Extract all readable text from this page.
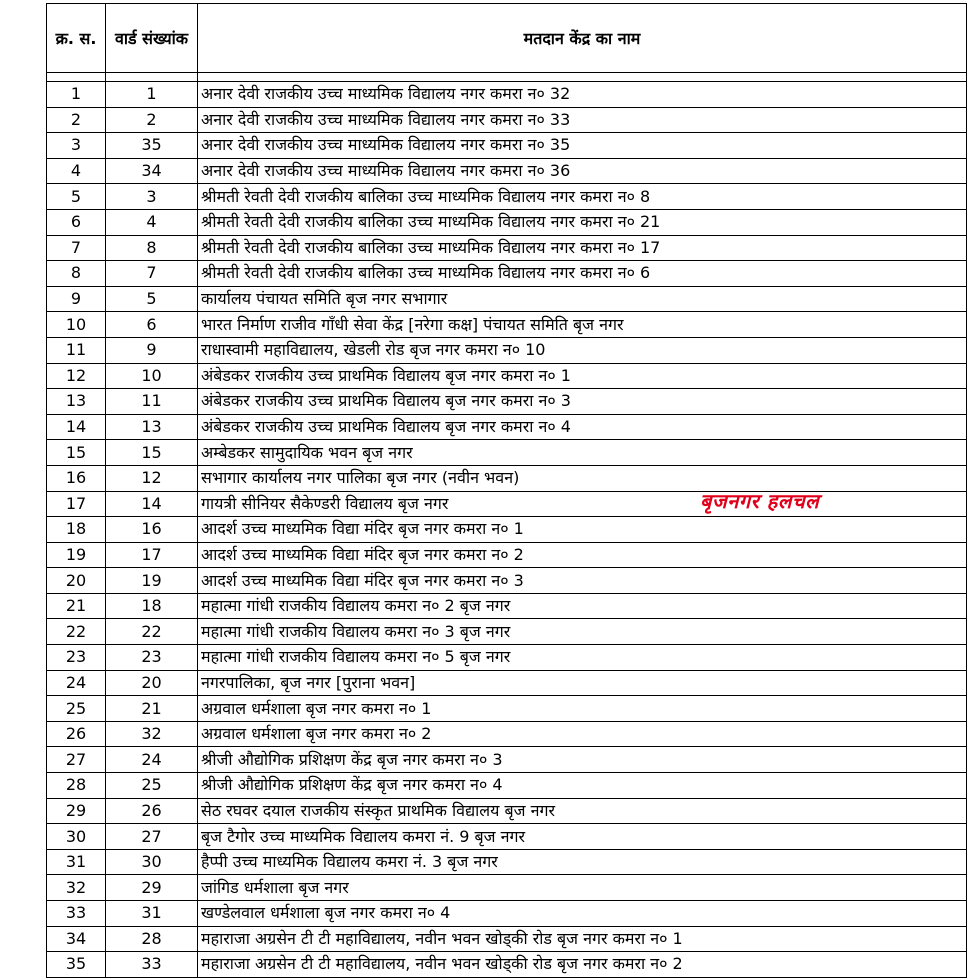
क्र. स.	वार्ड संख्यांक	मतदान केंद्र का नाम

1	1	अनार देवी राजकीय उच्च माध्यमिक विद्यालय नगर कमरा न० 32
2	2	अनार देवी राजकीय उच्च माध्यमिक विद्यालय नगर कमरा न० 33
3	35	अनार देवी राजकीय उच्च माध्यमिक विद्यालय नगर कमरा न० 35
4	34	अनार देवी राजकीय उच्च माध्यमिक विद्यालय नगर कमरा न० 36
5	3	श्रीमती रेवती देवी राजकीय बालिका उच्च माध्यमिक विद्यालय नगर कमरा न० 8
6	4	श्रीमती रेवती देवी राजकीय बालिका उच्च माध्यमिक विद्यालय नगर कमरा न० 21
7	8	श्रीमती रेवती देवी राजकीय बालिका उच्च माध्यमिक विद्यालय नगर कमरा न० 17
8	7	श्रीमती रेवती देवी राजकीय बालिका उच्च माध्यमिक विद्यालय नगर कमरा न० 6
9	5	कार्यालय पंचायत समिति बृज नगर सभागार
10	6	भारत निर्माण राजीव गाँधी सेवा केंद्र [नरेगा कक्ष] पंचायत समिति बृज नगर
11	9	राधास्वामी महाविद्यालय, खेडली रोड बृज नगर कमरा न० 10
12	10	अंबेडकर राजकीय उच्च प्राथमिक विद्यालय बृज नगर कमरा न० 1
13	11	अंबेडकर राजकीय उच्च प्राथमिक विद्यालय बृज नगर कमरा न० 3
14	13	अंबेडकर राजकीय उच्च प्राथमिक विद्यालय बृज नगर कमरा न० 4
15	15	अम्बेडकर सामुदायिक भवन बृज नगर
16	12	सभागार कार्यालय नगर पालिका बृज नगर (नवीन भवन)
17	14	गायत्री सीनियर सैकेण्डरी विद्यालय बृज नगर
18	16	आदर्श उच्च माध्यमिक विद्या मंदिर बृज नगर कमरा न० 1
19	17	आदर्श उच्च माध्यमिक विद्या मंदिर बृज नगर कमरा न० 2
20	19	आदर्श उच्च माध्यमिक विद्या मंदिर बृज नगर कमरा न० 3
21	18	महात्मा गांधी राजकीय विद्यालय कमरा न० 2 बृज नगर
22	22	महात्मा गांधी राजकीय विद्यालय कमरा न० 3 बृज नगर
23	23	महात्मा गांधी राजकीय विद्यालय कमरा न० 5 बृज नगर
24	20	नगरपालिका, बृज नगर [पुराना भवन]
25	21	अग्रवाल धर्मशाला बृज नगर कमरा न० 1
26	32	अग्रवाल धर्मशाला बृज नगर कमरा न० 2
27	24	श्रीजी औद्योगिक प्रशिक्षण केंद्र बृज नगर कमरा न० 3
28	25	श्रीजी औद्योगिक प्रशिक्षण केंद्र बृज नगर कमरा न० 4
29	26	सेठ रघवर दयाल राजकीय संस्कृत प्राथमिक विद्यालय बृज नगर
30	27	बृज टैगोर उच्च माध्यमिक विद्यालय कमरा नं. 9 बृज नगर
31	30	हैप्पी उच्च माध्यमिक विद्यालय कमरा नं. 3 बृज नगर
32	29	जांगिड धर्मशाला बृज नगर
33	31	खण्डेलवाल धर्मशाला बृज नगर कमरा न० 4
34	28	महाराजा अग्रसेन टी टी महाविद्यालय, नवीन भवन खोड्की रोड बृज नगर कमरा न० 1
35	33	महाराजा अग्रसेन टी टी महाविद्यालय, नवीन भवन खोड्की रोड बृज नगर कमरा न० 2
बृजनगर हलचल
